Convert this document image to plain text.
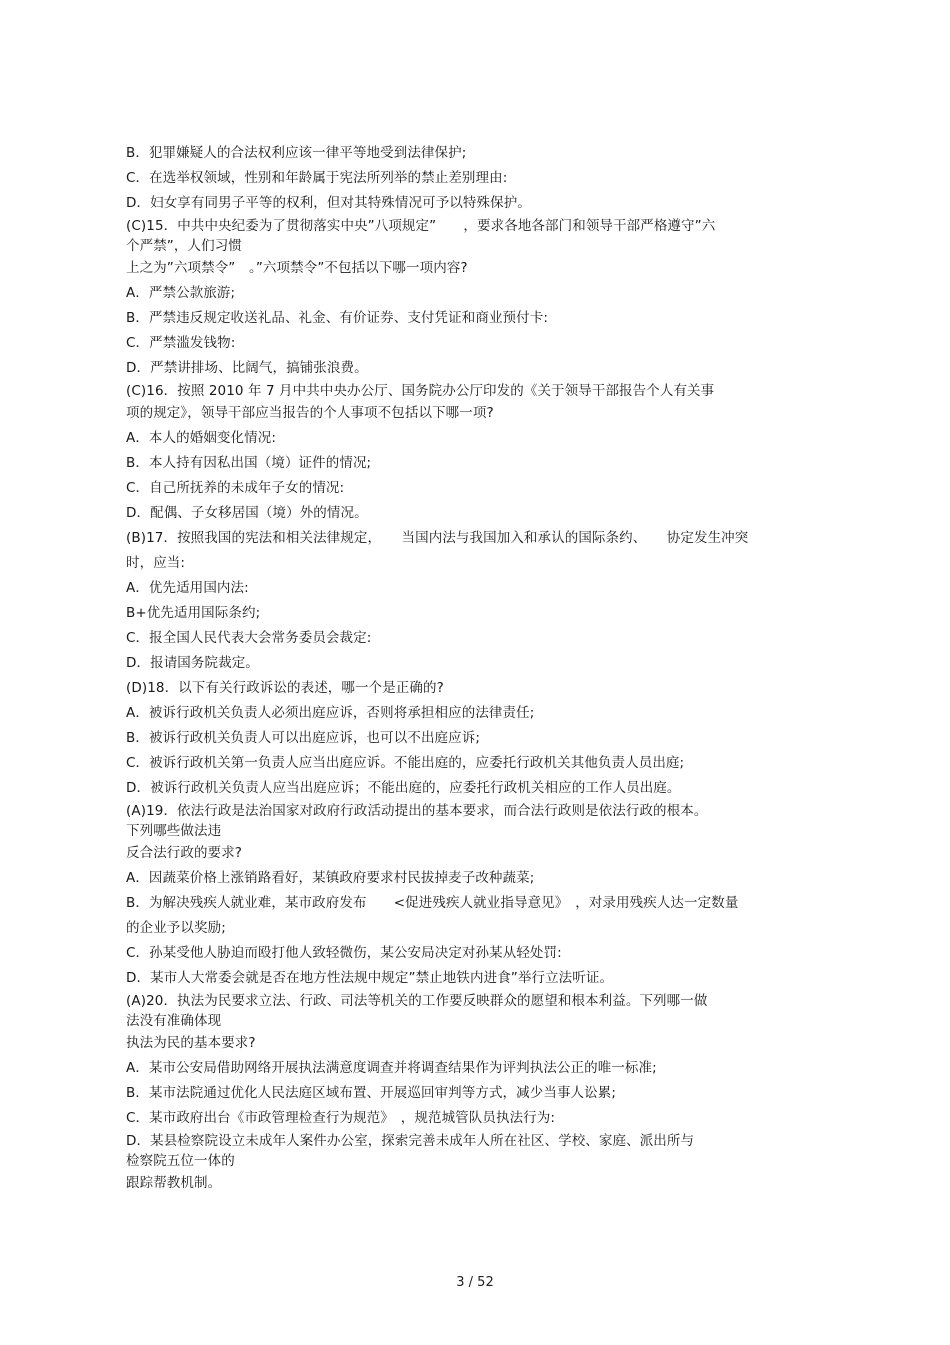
B．犯罪嫌疑人的合法权利应该一律平等地受到法律保护;
C．在选举权领域，性别和年龄属于宪法所列举的禁止差别理由:
D．妇女享有同男子平等的权利，但对其特殊情况可予以特殊保护。
(C)15．中共中央纪委为了贯彻落实中央”八项规定”　　，要求各地各部门和领导干部严格遵守”六
个严禁”，人们习惯
上之为”六项禁令”　。”六项禁令”不包括以下哪一项内容?
A．严禁公款旅游;
B．严禁违反规定收送礼品、礼金、有价证券、支付凭证和商业预付卡:
C．严禁滥发钱物:
D．严禁讲排场、比阔气，搞铺张浪费。
(C)16．按照 2010 年 7 月中共中央办公厅、国务院办公厅印发的《关于领导干部报告个人有关事
项的规定》，领导干部应当报告的个人事项不包括以下哪一项?
A．本人的婚姻变化情况:
B．本人持有因私出国（境）证件的情况;
C．自己所抚养的未成年子女的情况:
D．配偶、子女移居国（境）外的情况。
(B)17．按照我国的宪法和相关法律规定，　　当国内法与我国加入和承认的国际条约、　　协定发生冲突
时，应当:
A．优先适用国内法:
B+优先适用国际条约;
C．报全国人民代表大会常务委员会裁定:
D．报请国务院裁定。
(D)18．以下有关行政诉讼的表述，哪一个是正确的?
A．被诉行政机关负责人必须出庭应诉，否则将承担相应的法律责任;
B．被诉行政机关负责人可以出庭应诉，也可以不出庭应诉;
C．被诉行政机关第一负责人应当出庭应诉。不能出庭的，应委托行政机关其他负责人员出庭;
D．被诉行政机关负责人应当出庭应诉；不能出庭的，应委托行政机关相应的工作人员出庭。
(A)19．依法行政是法治国家对政府行政活动提出的基本要求，而合法行政则是依法行政的根本。
下列哪些做法违
反合法行政的要求?
A．因蔬菜价格上涨销路看好，某镇政府要求村民拔掉麦子改种蔬菜;
B．为解决残疾人就业难，某市政府发布　　<促进残疾人就业指导意见》　，对录用残疾人达一定数量
的企业予以奖励;
C．孙某受他人胁迫而殴打他人致轻微伤，某公安局决定对孙某从轻处罚:
D．某市人大常委会就是否在地方性法规中规定”禁止地铁内进食”举行立法听证。
(A)20．执法为民要求立法、行政、司法等机关的工作要反映群众的愿望和根本利益。下列哪一做
法没有准确体现
执法为民的基本要求?
A．某市公安局借助网络开展执法满意度调查并将调查结果作为评判执法公正的唯一标准;
B．某市法院通过优化人民法庭区域布置、开展巡回审判等方式，减少当事人讼累;
C．某市政府出台《市政管理检查行为规范》　，规范城管队员执法行为:
D．某县检察院设立未成年人案件办公室，探索完善未成年人所在社区、学校、家庭、派出所与
检察院五位一体的
跟踪帮教机制。
3 / 52
